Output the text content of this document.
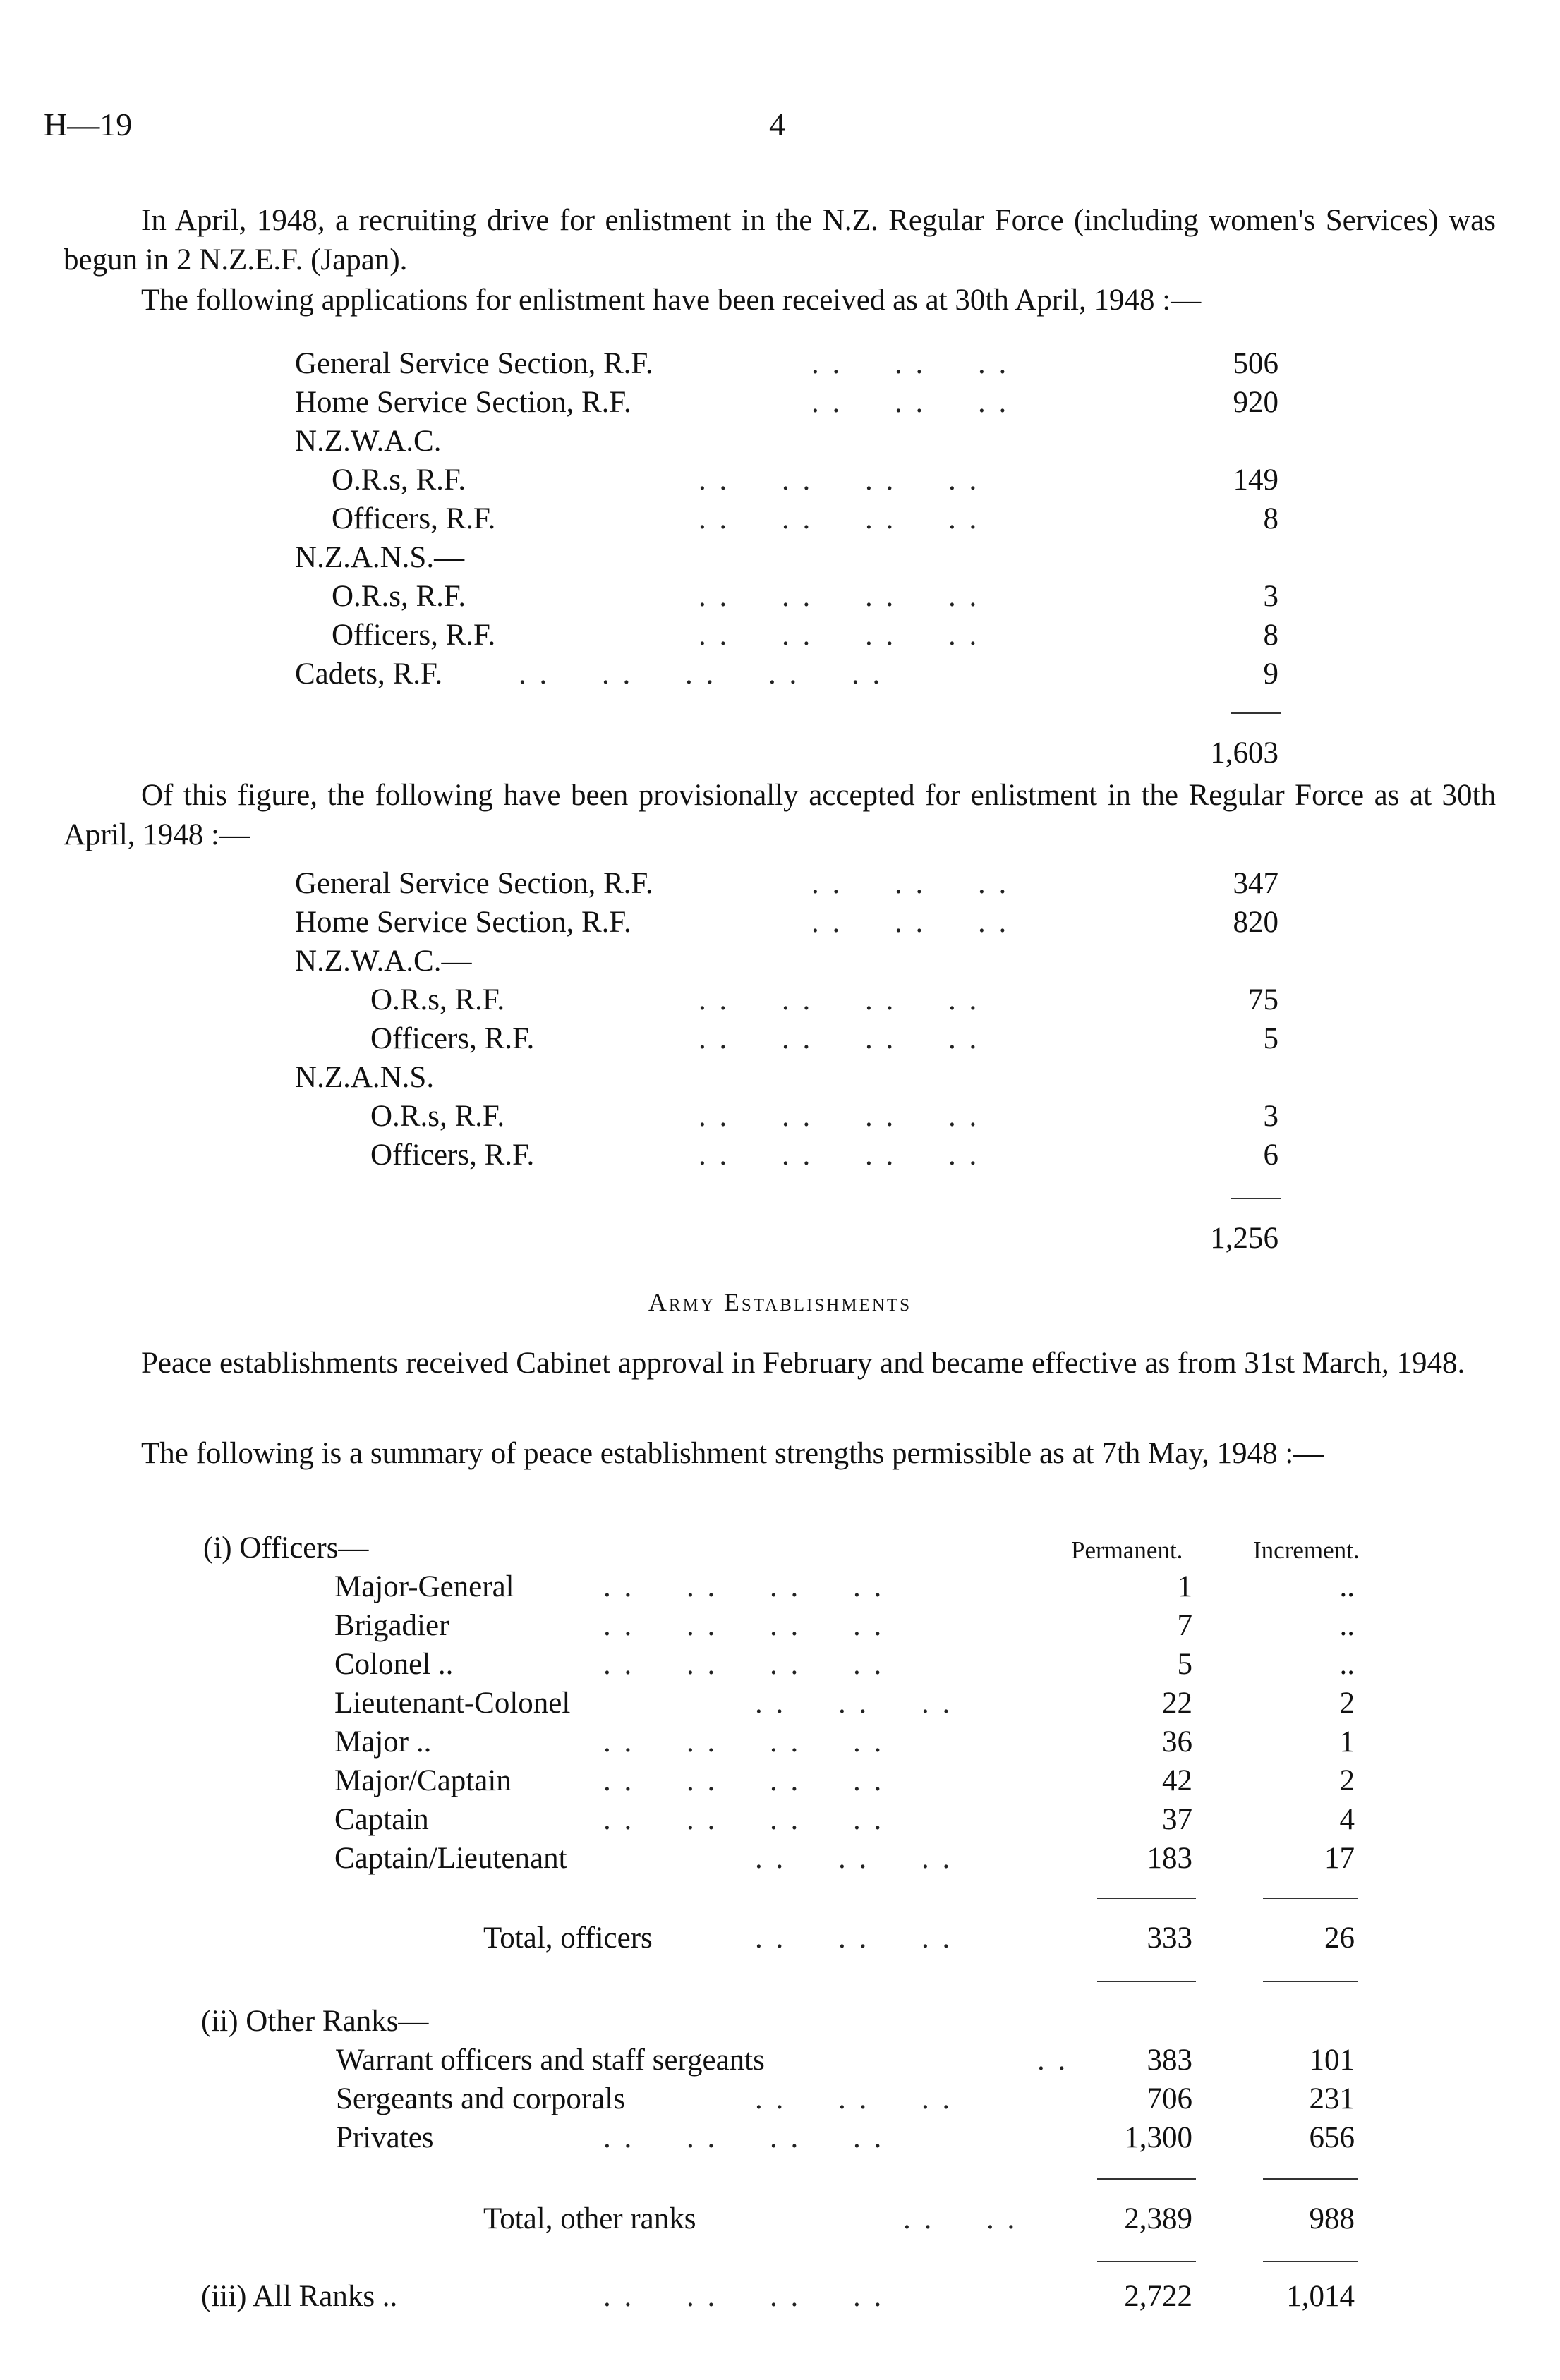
H—19	4
In April, 1948, a recruiting drive for enlistment in the N.Z. Regular Force (including women's Services) was begun in 2 N.Z.E.F. (Japan).
The following applications for enlistment have been received as at 30th April, 1948 :—
General Service Section, R.F.	. .     . .     . .	506
Home Service Section, R.F.	. .     . .     . .	920
N.Z.W.A.C.
O.R.s, R.F.	. .     . .     . .     . .	149
Officers, R.F.	. .     . .     . .     . .	8
N.Z.A.N.S.—
O.R.s, R.F.	. .     . .     . .     . .	3
Officers, R.F.	. .     . .     . .     . .	8
Cadets, R.F.	. .     . .     . .     . .     . .	9
1,603
Of this figure, the following have been provisionally accepted for enlistment in the Regular Force as at 30th April, 1948 :—
General Service Section, R.F.	. .     . .     . .	347
Home Service Section, R.F.	. .     . .     . .	820
N.Z.W.A.C.—
O.R.s, R.F.	. .     . .     . .     . .	75
Officers, R.F.	. .     . .     . .     . .	5
N.Z.A.N.S.
O.R.s, R.F.	. .     . .     . .     . .	3
Officers, R.F.	. .     . .     . .     . .	6
1,256
Army Establishments
Peace establishments received Cabinet approval in February and became effective as from 31st March, 1948.
The following is a summary of peace establishment strengths permissible as at 7th May, 1948 :—
Permanent.	Increment.
(i) Officers—
Major-General	. .     . .     . .     . .	1	..
Brigadier	. .     . .     . .     . .	7	..
Colonel ..	. .     . .     . .     . .	5	..
Lieutenant-Colonel	. .     . .     . .	22	2
Major ..	. .     . .     . .     . .	36	1
Major/Captain	. .     . .     . .     . .	42	2
Captain	. .     . .     . .     . .	37	4
Captain/Lieutenant	. .     . .     . .	183	17
Total, officers	. .     . .     . .	333	26
(ii) Other Ranks—
Warrant officers and staff sergeants	. .	383	101
Sergeants and corporals	. .     . .     . .	706	231
Privates	. .     . .     . .     . .	1,300	656
Total, other ranks	. .     . .	2,389	988
(iii) All Ranks ..	. .     . .     . .     . .	2,722	1,014
